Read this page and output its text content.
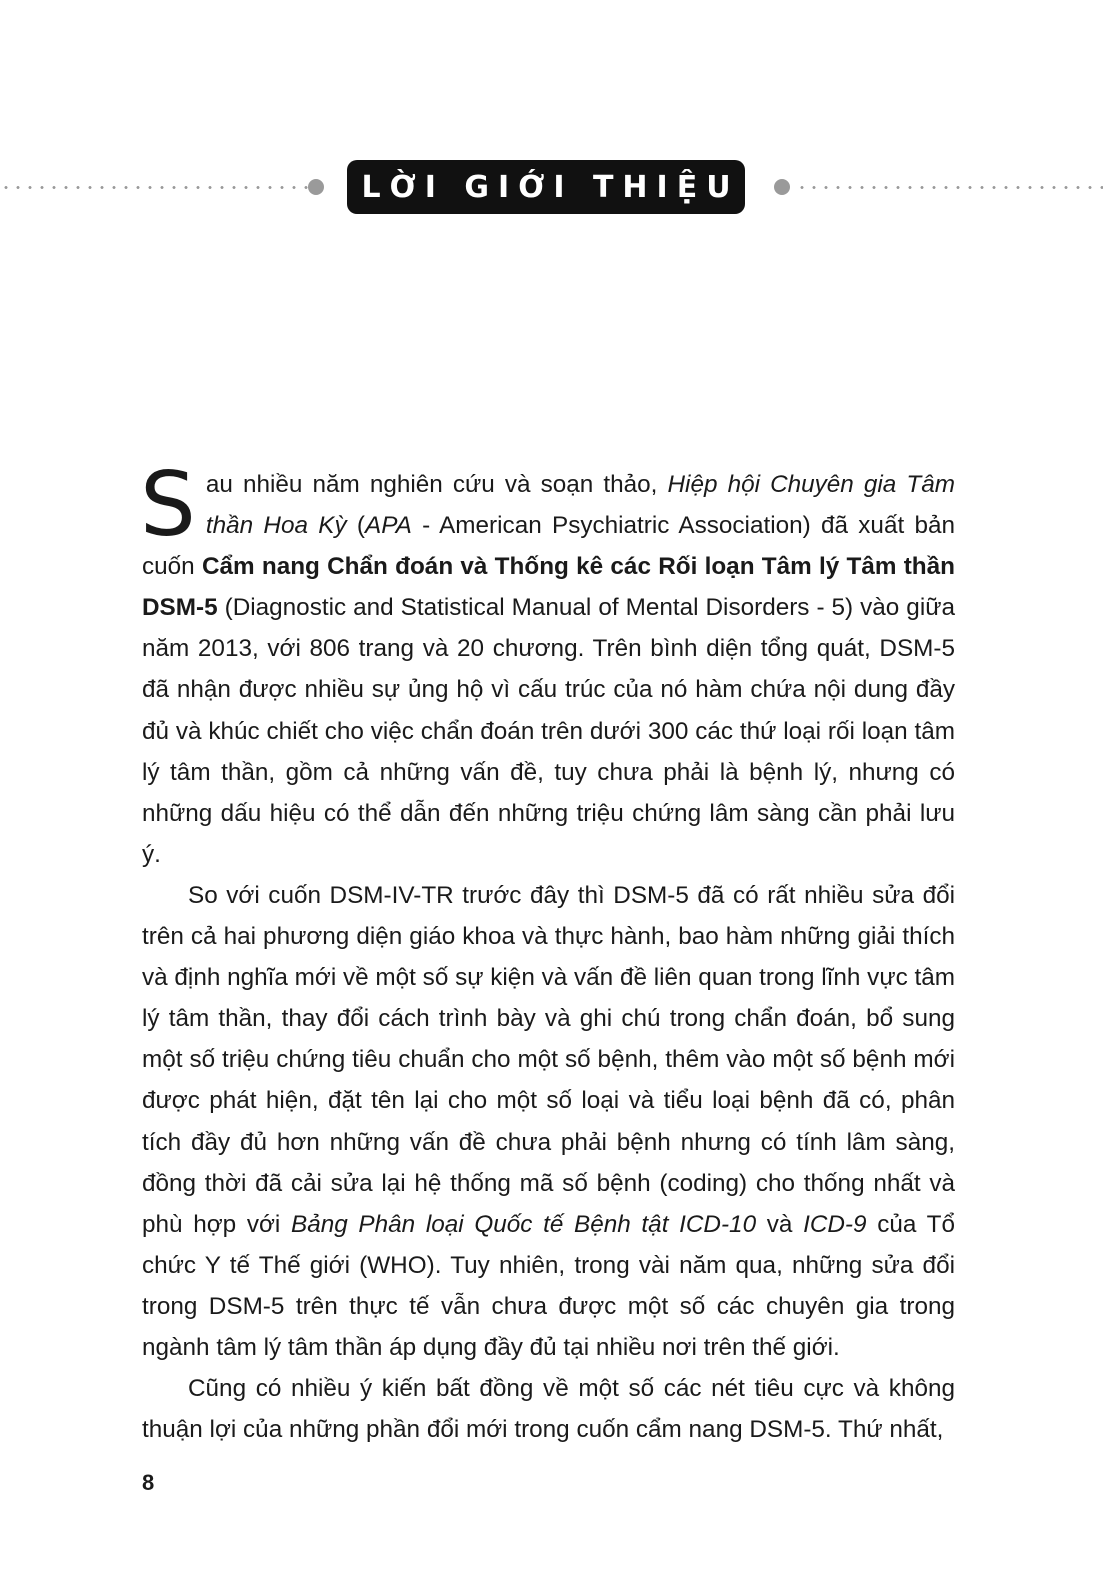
LỜI GIỚI THIỆU

Sau nhiều năm nghiên cứu và soạn thảo, Hiệp hội Chuyên gia Tâm thần Hoa Kỳ (APA - American Psychiatric Association) đã xuất bản cuốn Cẩm nang Chẩn đoán và Thống kê các Rối loạn Tâm lý Tâm thần DSM-5 (Diagnostic and Statistical Manual of Mental Disorders - 5) vào giữa năm 2013, với 806 trang và 20 chương. Trên bình diện tổng quát, DSM-5 đã nhận được nhiều sự ủng hộ vì cấu trúc của nó hàm chứa nội dung đầy đủ và khúc chiết cho việc chẩn đoán trên dưới 300 các thứ loại rối loạn tâm lý tâm thần, gồm cả những vấn đề, tuy chưa phải là bệnh lý, nhưng có những dấu hiệu có thể dẫn đến những triệu chứng lâm sàng cần phải lưu ý.

So với cuốn DSM-IV-TR trước đây thì DSM-5 đã có rất nhiều sửa đổi trên cả hai phương diện giáo khoa và thực hành, bao hàm những giải thích và định nghĩa mới về một số sự kiện và vấn đề liên quan trong lĩnh vực tâm lý tâm thần, thay đổi cách trình bày và ghi chú trong chẩn đoán, bổ sung một số triệu chứng tiêu chuẩn cho một số bệnh, thêm vào một số bệnh mới được phát hiện, đặt tên lại cho một số loại và tiểu loại bệnh đã có, phân tích đầy đủ hơn những vấn đề chưa phải bệnh nhưng có tính lâm sàng, đồng thời đã cải sửa lại hệ thống mã số bệnh (coding) cho thống nhất và phù hợp với Bảng Phân loại Quốc tế Bệnh tật ICD-10 và ICD-9 của Tổ chức Y tế Thế giới (WHO). Tuy nhiên, trong vài năm qua, những sửa đổi trong DSM-5 trên thực tế vẫn chưa được một số các chuyên gia trong ngành tâm lý tâm thần áp dụng đầy đủ tại nhiều nơi trên thế giới.

Cũng có nhiều ý kiến bất đồng về một số các nét tiêu cực và không thuận lợi của những phần đổi mới trong cuốn cẩm nang DSM-5. Thứ nhất,

8
